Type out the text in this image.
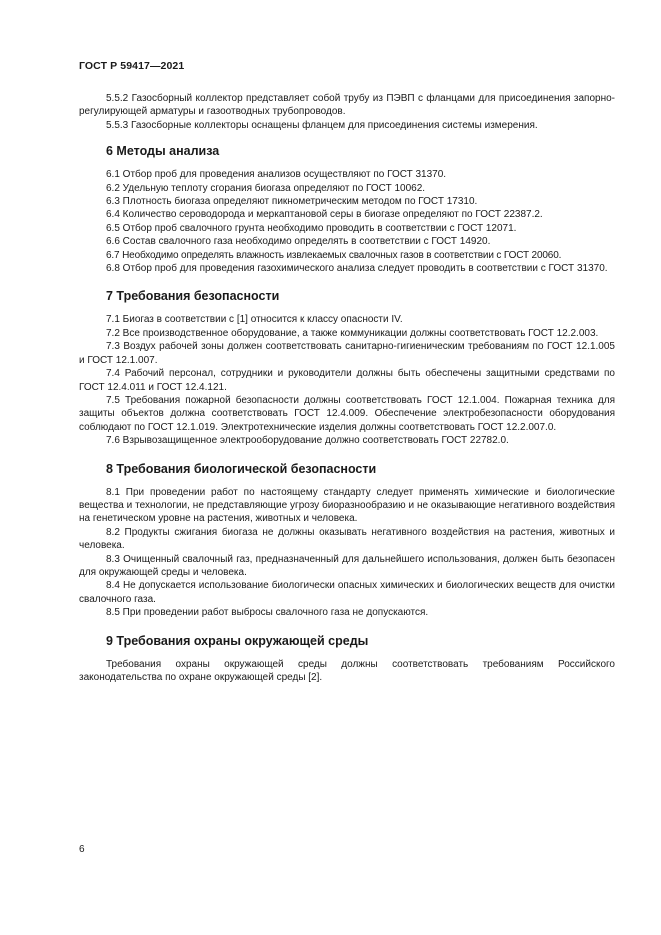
ГОСТ Р 59417—2021

5.5.2 Газосборный коллектор представляет собой трубу из ПЭВП с фланцами для присоединения запорно-регулирующей арматуры и газоотводных трубопроводов.

5.5.3 Газосборные коллекторы оснащены фланцем для присоединения системы измерения.

6 Методы анализа

6.1 Отбор проб для проведения анализов осуществляют по ГОСТ 31370.

6.2 Удельную теплоту сгорания биогаза определяют по ГОСТ 10062.

6.3 Плотность биогаза определяют пикнометрическим методом по ГОСТ 17310.

6.4 Количество сероводорода и меркаптановой серы в биогазе определяют по ГОСТ 22387.2.

6.5 Отбор проб свалочного грунта необходимо проводить в соответствии с ГОСТ 12071.

6.6 Состав свалочного газа необходимо определять в соответствии с ГОСТ 14920.

6.7 Необходимо определять влажность извлекаемых свалочных газов в соответствии с ГОСТ 20060.

6.8 Отбор проб для проведения газохимического анализа следует проводить в соответствии с ГОСТ 31370.

7 Требования безопасности

7.1 Биогаз в соответствии с [1] относится к классу опасности IV.

7.2 Все производственное оборудование, а также коммуникации должны соответствовать ГОСТ 12.2.003.

7.3 Воздух рабочей зоны должен соответствовать санитарно-гигиеническим требованиям по ГОСТ 12.1.005 и ГОСТ 12.1.007.

7.4 Рабочий персонал, сотрудники и руководители должны быть обеспечены защитными средствами по ГОСТ 12.4.011 и ГОСТ 12.4.121.

7.5 Требования пожарной безопасности должны соответствовать ГОСТ 12.1.004. Пожарная техника для защиты объектов должна соответствовать ГОСТ 12.4.009. Обеспечение электробезопасности оборудования соблюдают по ГОСТ 12.1.019. Электротехнические изделия должны соответствовать ГОСТ 12.2.007.0.

7.6 Взрывозащищенное электрооборудование должно соответствовать ГОСТ 22782.0.

8 Требования биологической безопасности

8.1 При проведении работ по настоящему стандарту следует применять химические и биологические вещества и технологии, не представляющие угрозу биоразнообразию и не оказывающие негативного воздействия на генетическом уровне на растения, животных и человека.

8.2 Продукты сжигания биогаза не должны оказывать негативного воздействия на растения, животных и человека.

8.3 Очищенный свалочный газ, предназначенный для дальнейшего использования, должен быть безопасен для окружающей среды и человека.

8.4 Не допускается использование биологически опасных химических и биологических веществ для очистки свалочного газа.

8.5 При проведении работ выбросы свалочного газа не допускаются.

9 Требования охраны окружающей среды

Требования охраны окружающей среды должны соответствовать требованиям Российского законодательства по охране окружающей среды [2].

6
